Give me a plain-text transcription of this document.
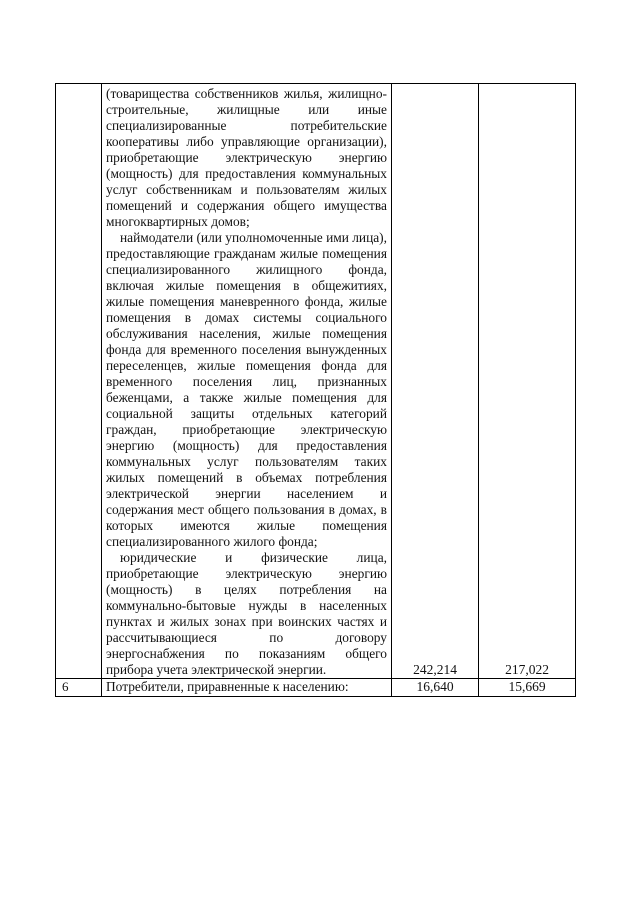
	(товарищества собственников жилья, жилищно-строительные, жилищные или иные специализированные потребительские кооперативы либо управляющие организации), приобретающие электрическую энергию (мощность) для предоставления коммунальных услуг собственникам и пользователям жилых помещений и содержания общего имущества многоквартирных домов;

наймодатели (или уполномоченные ими лица), предоставляющие гражданам жилые помещения специализированного жилищного фонда, включая жилые помещения в общежитиях, жилые помещения маневренного фонда, жилые помещения в домах системы социального обслуживания населения, жилые помещения фонда для временного поселения вынужденных переселенцев, жилые помещения фонда для временного поселения лиц, признанных беженцами, а также жилые помещения для социальной защиты отдельных категорий граждан, приобретающие электрическую энергию (мощность) для предоставления коммунальных услуг пользователям таких жилых помещений в объемах потребления электрической энергии населением и содержания мест общего пользования в домах, в которых имеются жилые помещения специализированного жилого фонда;

юридические и физические лица, приобретающие электрическую энергию (мощность) в целях потребления на коммунально-бытовые нужды в населенных пунктах и жилых зонах при воинских частях и рассчитывающиеся по договору энергоснабжения по показаниям общего прибора учета электрической энергии.	242,214	217,022
6	Потребители, приравненные к населению:	16,640	15,669
